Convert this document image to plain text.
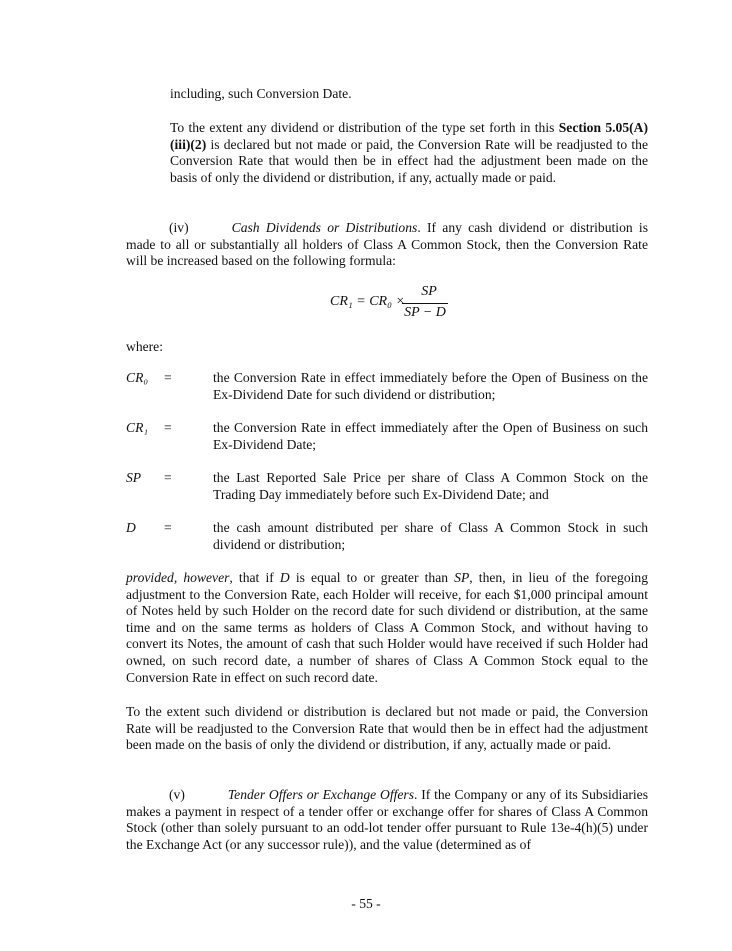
including, such Conversion Date.

To the extent any dividend or distribution of the type set forth in this Section 5.05(A)(iii)(2) is declared but not made or paid, the Conversion Rate will be readjusted to the Conversion Rate that would then be in effect had the adjustment been made on the basis of only the dividend or distribution, if any, actually made or paid.

(iv)	Cash Dividends or Distributions. If any cash dividend or distribution is made to all or substantially all holders of Class A Common Stock, then the Conversion Rate will be increased based on the following formula:

CR₁ = CR₀ ×
SP
SP − D

where:

CR₀ =	the Conversion Rate in effect immediately before the Open of Business on the Ex-Dividend Date for such dividend or distribution;
CR₁ =	the Conversion Rate in effect immediately after the Open of Business on such Ex-Dividend Date;
SP =	the Last Reported Sale Price per share of Class A Common Stock on the Trading Day immediately before such Ex-Dividend Date; and
D =	the cash amount distributed per share of Class A Common Stock in such dividend or distribution;

provided, however, that if D is equal to or greater than SP, then, in lieu of the foregoing adjustment to the Conversion Rate, each Holder will receive, for each $1,000 principal amount of Notes held by such Holder on the record date for such dividend or distribution, at the same time and on the same terms as holders of Class A Common Stock, and without having to convert its Notes, the amount of cash that such Holder would have received if such Holder had owned, on such record date, a number of shares of Class A Common Stock equal to the Conversion Rate in effect on such record date.

To the extent such dividend or distribution is declared but not made or paid, the Conversion Rate will be readjusted to the Conversion Rate that would then be in effect had the adjustment been made on the basis of only the dividend or distribution, if any, actually made or paid.

(v)	Tender Offers or Exchange Offers. If the Company or any of its Subsidiaries makes a payment in respect of a tender offer or exchange offer for shares of Class A Common Stock (other than solely pursuant to an odd-lot tender offer pursuant to Rule 13e-4(h)(5) under the Exchange Act (or any successor rule)), and the value (determined as of

- 55 -
